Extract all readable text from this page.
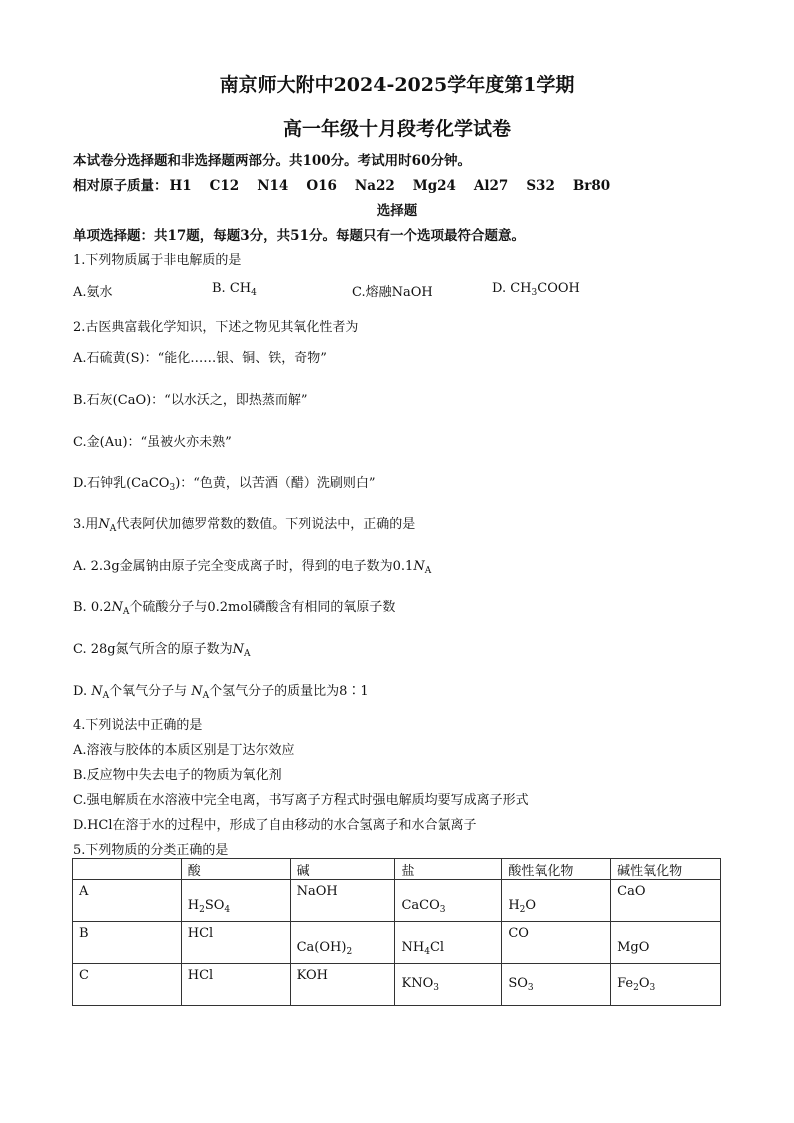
南京师大附中2024-2025学年度第1学期
高一年级十月段考化学试卷
本试卷分选择题和非选择题两部分。共100分。考试用时60分钟。
相对原子质量： H1 C12 N14 O16 Na22 Mg24 Al27 S32 Br80
选择题
单项选择题：共17题，每题3分，共51分。每题只有一个选项最符合题意。
1.下列物质属于非电解质的是
A.氨水	B. $CH_4$	C.熔融NaOH	D. $CH_3COOH$
2.古医典富载化学知识，下述之物见其氧化性者为
A.石硫黄(S)：“能化……银、铜、铁，奇物”
B.石灰(CaO)：“以水沃之，即热蒸而解”
C.金(Au)：“虽被火亦未熟”
D.石钟乳(CaCO$_3$)：“色黄，以苦酒（醋）洗刷则白”
3.用$N_A$代表阿伏加德罗常数的数值。下列说法中，正确的是
A. 2.3g金属钠由原子完全变成离子时，得到的电子数为$0.1N_A$
B. $0.2N_A$个硫酸分子与0.2mol磷酸含有相同的氧原子数
C. 28g氮气所含的原子数为$N_A$
D. $N_A$个氧气分子与 $N_A$个氢气分子的质量比为8∶1
4.下列说法中正确的是
A.溶液与胶体的本质区别是丁达尔效应
B.反应物中失去电子的物质为氧化剂
C.强电解质在水溶液中完全电离，书写离子方程式时强电解质均要写成离子形式
D.HCl在溶于水的过程中，形成了自由移动的水合氢离子和水合氯离子
5.下列物质的分类正确的是
	酸	碱	盐	酸性氧化物	碱性氧化物
A	$H_2SO_4$	NaOH	CaCO$_3$	$H_2O$	CaO
B	HCl	$Ca(OH)_2$	$NH_4Cl$	CO	MgO
C	HCl	KOH	$KNO_3$	$SO_3$	$Fe_2O_3$
